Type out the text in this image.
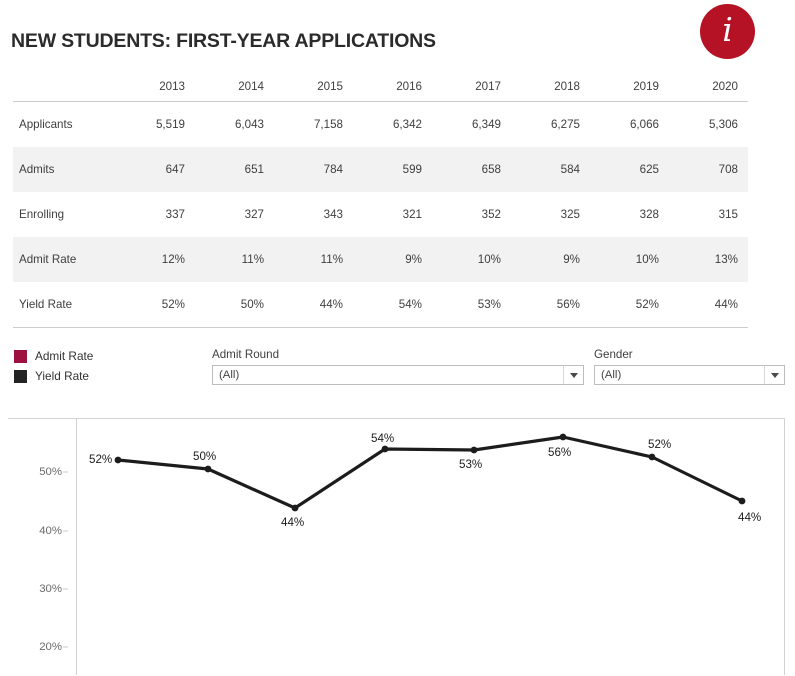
NEW STUDENTS: FIRST-YEAR APPLICATIONS	i
	2013	2014	2015	2016	2017	2018	2019	2020
Applicants	5,519	6,043	7,158	6,342	6,349	6,275	6,066	5,306
Admits	647	651	784	599	658	584	625	708
Enrolling	337	327	343	321	352	325	328	315
Admit Rate	12%	11%	11%	9%	10%	9%	10%	13%
Yield Rate	52%	50%	44%	54%	53%	56%	52%	44%
Admit Rate
Yield Rate
Admit Round
(All)
Gender
(All)
50%
40%
30%
20%
52%	50%
44%
54%
53%
56%
52%
44%
